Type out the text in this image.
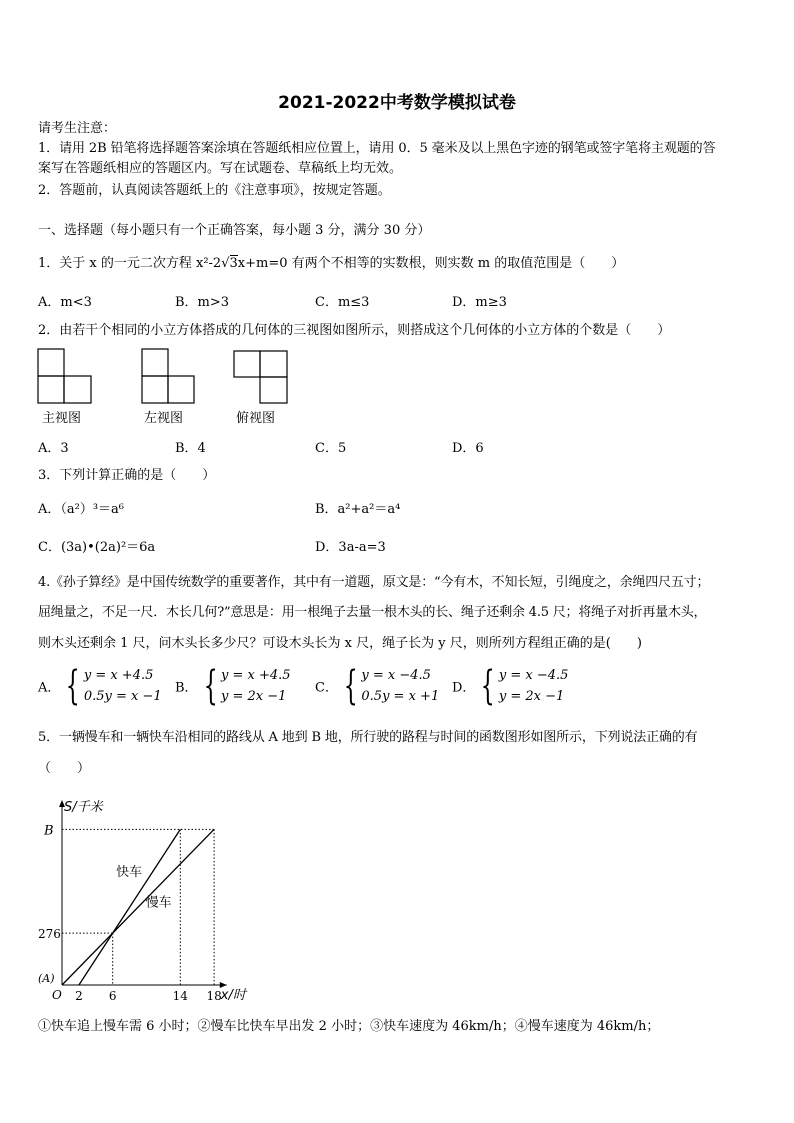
2021-2022中考数学模拟试卷
请考生注意：
1．请用 2B 铅笔将选择题答案涂填在答题纸相应位置上，请用 0．5 毫米及以上黑色字迹的钢笔或签字笔将主观题的答
案写在答题纸相应的答题区内。写在试题卷、草稿纸上均无效。
2．答题前，认真阅读答题纸上的《注意事项》，按规定答题。
一、选择题（每小题只有一个正确答案，每小题 3 分，满分 30 分）
1．关于 x 的一元二次方程 x²-2√3x+m=0 有两个不相等的实数根，则实数 m 的取值范围是（　　）
A．m<3	B．m>3	C．m≤3	D．m≥3
2．由若干个相同的小立方体搭成的几何体的三视图如图所示，则搭成这个几何体的小立方体的个数是（　　）
主视图	左视图	俯视图
A．3	B．4	C．5	D．6
3．下列计算正确的是（　　）
A．（a²）³＝a⁶	B．a²+a²＝a⁴
C．(3a)•(2a)²＝6a	D．3a-a=3
4.《孙子算经》是中国传统数学的重要著作，其中有一道题，原文是：“今有木，不知长短，引绳度之，余绳四尺五寸；
屈绳量之，不足一尺．木长几何?”意思是：用一根绳子去量一根木头的长、绳子还剩余 4.5 尺；将绳子对折再量木头，
则木头还剩余 1 尺，问木头长多少尺？可设木头长为 x 尺，绳子长为 y 尺，则所列方程组正确的是(　　)
A． { y = x +4.5
0.5y = x −1
B． { y = x +4.5
y = 2x −1
C． { y = x −4.5
0.5y = x +1
D． { y = x −4.5
y = 2x −1
5．一辆慢车和一辆快车沿相同的路线从 A 地到 B 地，所行驶的路程与时间的函数图形如图所示，下列说法正确的有
（　　）
S/千米
x/时
O
(A)
276
B
2 6	14 18
快车
慢车
①快车追上慢车需 6 小时；②慢车比快车早出发 2 小时；③快车速度为 46km/h；④慢车速度为 46km/h；
